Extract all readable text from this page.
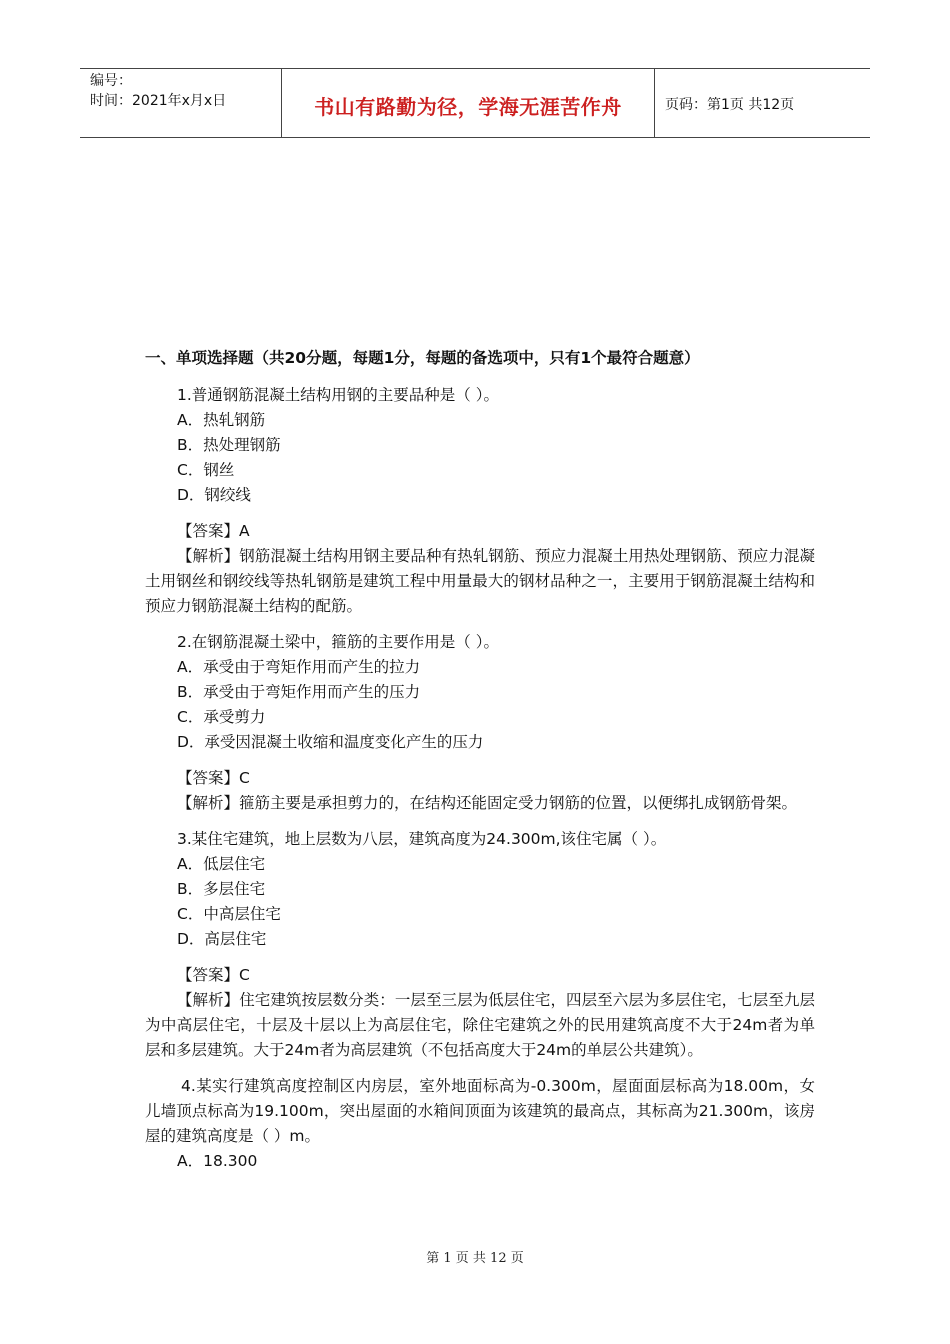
编号：
时间：2021年x月x日	书山有路勤为径，学海无涯苦作舟	页码：第1页 共12页
一、单项选择题（共20分题，每题1分，每题的备选项中，只有1个最符合题意）
1.普通钢筋混凝土结构用钢的主要品种是（ ）。
A．热轧钢筋
B．热处理钢筋
C．钢丝
D．钢绞线
【答案】A
【解析】钢筋混凝土结构用钢主要品种有热轧钢筋、预应力混凝土用热处理钢筋、预应力混凝土用钢丝和钢绞线等热轧钢筋是建筑工程中用量最大的钢材品种之一，主要用于钢筋混凝土结构和预应力钢筋混凝土结构的配筋。
2.在钢筋混凝土梁中，箍筋的主要作用是（ ）。
A．承受由于弯矩作用而产生的拉力
B．承受由于弯矩作用而产生的压力
C．承受剪力
D．承受因混凝土收缩和温度变化产生的压力
【答案】C
【解析】箍筋主要是承担剪力的，在结构还能固定受力钢筋的位置，以便绑扎成钢筋骨架。
3.某住宅建筑，地上层数为八层，建筑高度为24.300m,该住宅属（ ）。
A．低层住宅
B．多层住宅
C．中高层住宅
D．高层住宅
【答案】C
【解析】住宅建筑按层数分类：一层至三层为低层住宅，四层至六层为多层住宅，七层至九层为中高层住宅，十层及十层以上为高层住宅，除住宅建筑之外的民用建筑高度不大于24m者为单层和多层建筑。大于24m者为高层建筑（不包括高度大于24m的单层公共建筑）。
4.某实行建筑高度控制区内房层，室外地面标高为-0.300m，屋面面层标高为18.00m，女儿墙顶点标高为19.100m，突出屋面的水箱间顶面为该建筑的最高点，其标高为21.300m，该房屋的建筑高度是（ ）m。
A．18.300
第 1 页 共 12 页
